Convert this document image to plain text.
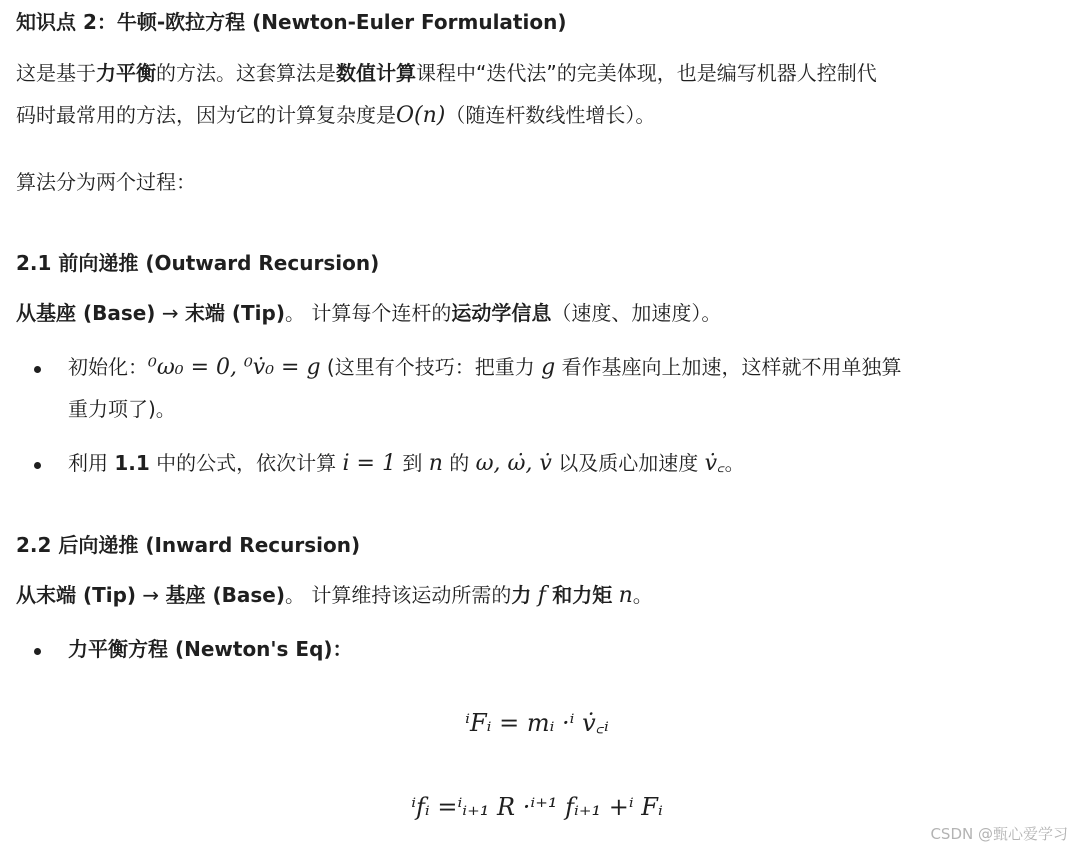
知识点 2：牛顿-欧拉方程 (Newton-Euler Formulation)
这是基于力平衡的方法。这套算法是数值计算课程中“迭代法”的完美体现，也是编写机器人控制代
码时最常用的方法，因为它的计算复杂度是O(n)（随连杆数线性增长）。
算法分为两个过程：
2.1 前向递推 (Outward Recursion)
从基座 (Base) → 末端 (Tip)。 计算每个连杆的运动学信息（速度、加速度）。
初始化：⁰ω₀ = 0, ⁰v̇₀ = g (这里有个技巧：把重力 g 看作基座向上加速，这样就不用单独算
重力项了)。
利用 1.1 中的公式，依次计算 i = 1 到 n 的 ω, ω̇, v̇ 以及质心加速度 v̇꜀。
2.2 后向递推 (Inward Recursion)
从末端 (Tip) → 基座 (Base)。 计算维持该运动所需的力 f 和力矩 n。
力平衡方程 (Newton's Eq)：
ⁱFᵢ = mᵢ ·ⁱ v̇꜀ᵢ
ⁱfᵢ =ⁱᵢ₊₁ R ·ⁱ⁺¹ fᵢ₊₁ +ⁱ Fᵢ
CSDN @甄心爱学习
